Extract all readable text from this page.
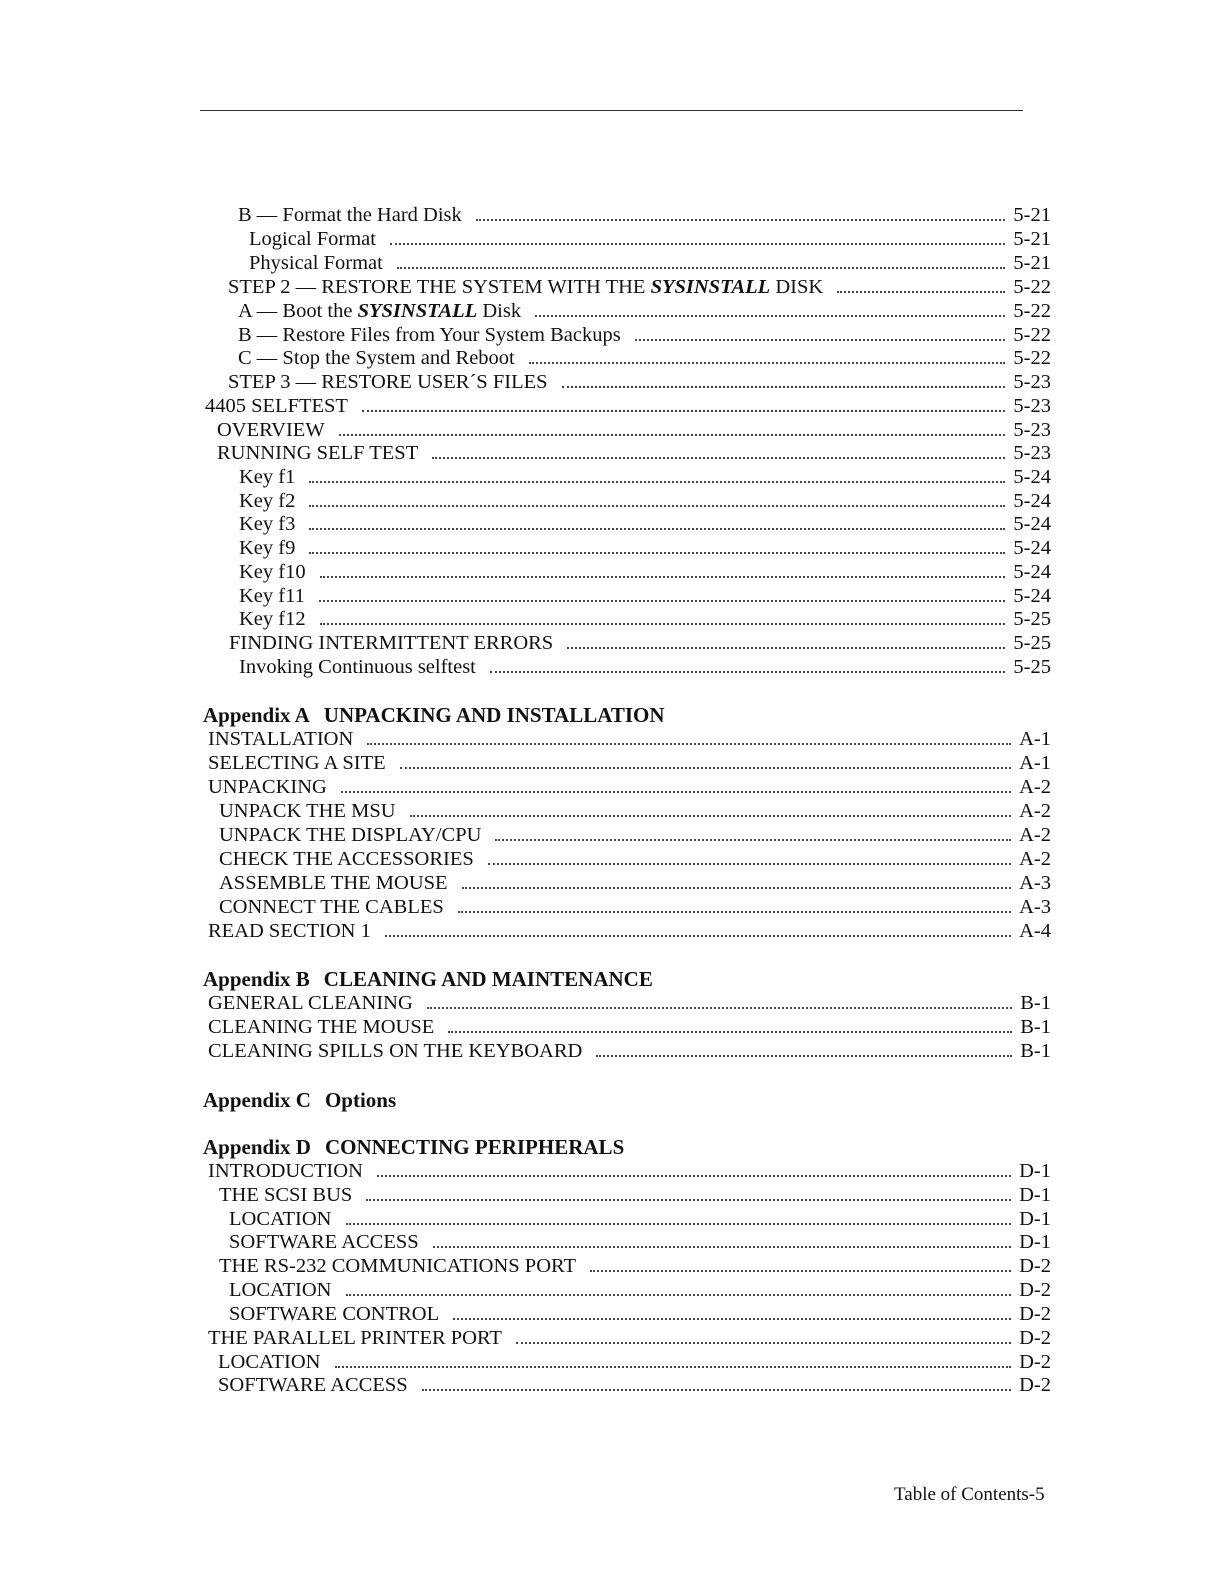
B — Format the Hard Disk	5-21
Logical Format	5-21
Physical Format	5-21
STEP 2 — RESTORE THE SYSTEM WITH THE SYSINSTALL DISK	5-22
A — Boot the SYSINSTALL Disk	5-22
B — Restore Files from Your System Backups	5-22
C — Stop the System and Reboot	5-22
STEP 3 — RESTORE USER´S FILES	5-23
4405 SELFTEST	5-23
OVERVIEW	5-23
RUNNING SELF TEST	5-23
Key f1	5-24
Key f2	5-24
Key f3	5-24
Key f9	5-24
Key f10	5-24
Key f11	5-24
Key f12	5-25
FINDING INTERMITTENT ERRORS	5-25
Invoking Continuous selftest	5-25
Appendix A UNPACKING AND INSTALLATION
INSTALLATION	A-1
SELECTING A SITE	A-1
UNPACKING	A-2
UNPACK THE MSU	A-2
UNPACK THE DISPLAY/CPU	A-2
CHECK THE ACCESSORIES	A-2
ASSEMBLE THE MOUSE	A-3
CONNECT THE CABLES	A-3
READ SECTION 1	A-4
Appendix B CLEANING AND MAINTENANCE
GENERAL CLEANING	B-1
CLEANING THE MOUSE	B-1
CLEANING SPILLS ON THE KEYBOARD	B-1
Appendix C Options
Appendix D CONNECTING PERIPHERALS
INTRODUCTION	D-1
THE SCSI BUS	D-1
LOCATION	D-1
SOFTWARE ACCESS	D-1
THE RS-232 COMMUNICATIONS PORT	D-2
LOCATION	D-2
SOFTWARE CONTROL	D-2
THE PARALLEL PRINTER PORT	D-2
LOCATION	D-2
SOFTWARE ACCESS	D-2
Table of Contents-5
